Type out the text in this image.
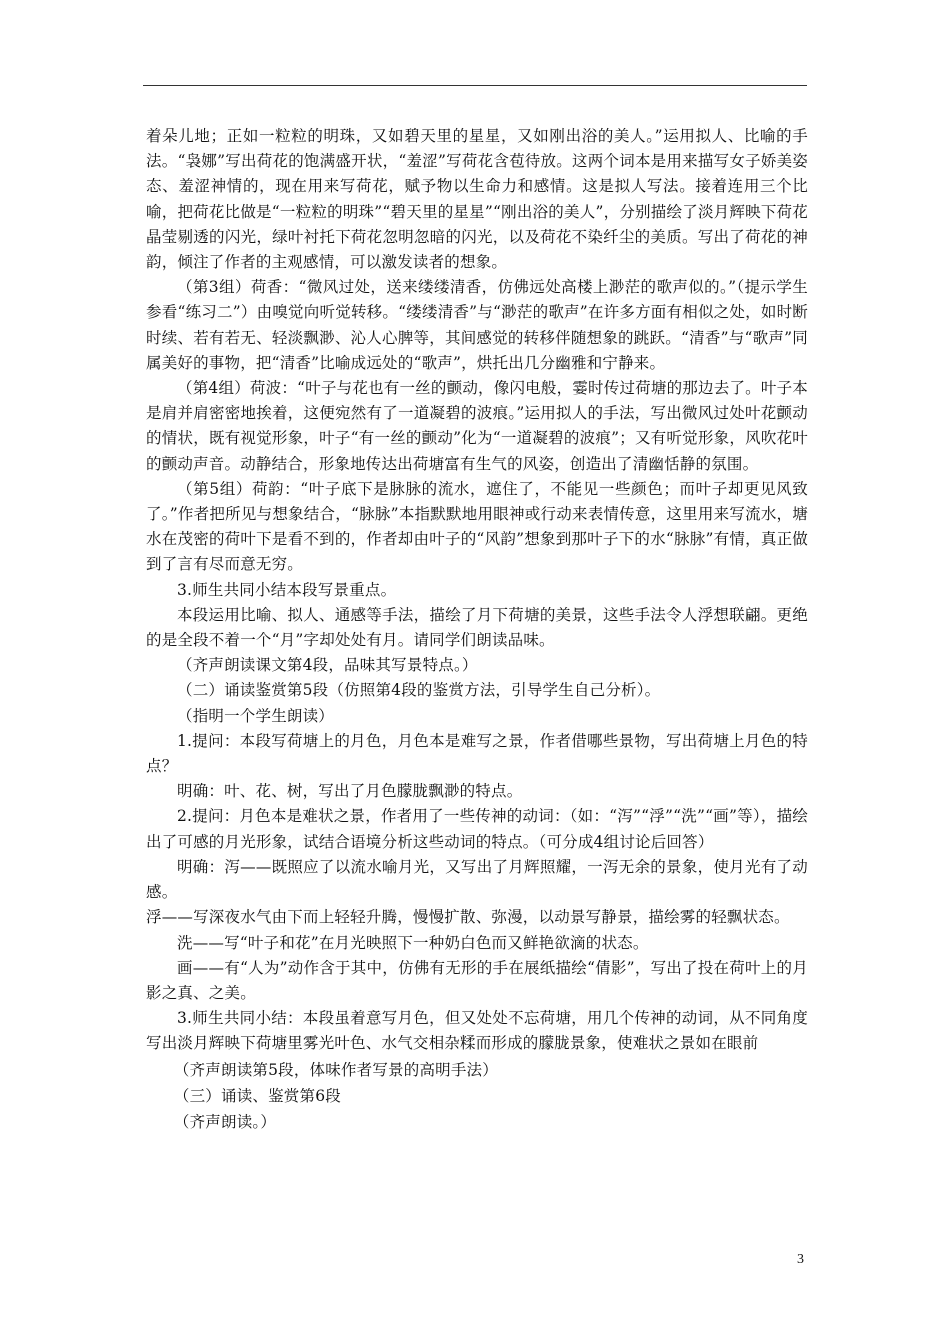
着朵儿地；正如一粒粒的明珠，又如碧天里的星星，又如刚出浴的美人。”运用拟人、比喻的手法。“袅娜”写出荷花的饱满盛开状，“羞涩”写荷花含苞待放。这两个词本是用来描写女子娇美姿态、羞涩神情的，现在用来写荷花，赋予物以生命力和感情。这是拟人写法。接着连用三个比喻，把荷花比做是“一粒粒的明珠”“碧天里的星星”“刚出浴的美人”，分别描绘了淡月辉映下荷花晶莹剔透的闪光，绿叶衬托下荷花忽明忽暗的闪光，以及荷花不染纤尘的美质。写出了荷花的神韵，倾注了作者的主观感情，可以激发读者的想象。

（第3组）荷香：“微风过处，送来缕缕清香，仿佛远处高楼上渺茫的歌声似的。”（提示学生参看“练习二”）由嗅觉向听觉转移。“缕缕清香”与“渺茫的歌声”在许多方面有相似之处，如时断时续、若有若无、轻淡飘渺、沁人心脾等，其间感觉的转移伴随想象的跳跃。“清香”与“歌声”同属美好的事物，把“清香”比喻成远处的“歌声”，烘托出几分幽雅和宁静来。

（第4组）荷波：“叶子与花也有一丝的颤动，像闪电般，霎时传过荷塘的那边去了。叶子本是肩并肩密密地挨着，这便宛然有了一道凝碧的波痕。”运用拟人的手法，写出微风过处叶花颤动的情状，既有视觉形象，叶子“有一丝的颤动”化为“一道凝碧的波痕”；又有听觉形象，风吹花叶的颤动声音。动静结合，形象地传达出荷塘富有生气的风姿，创造出了清幽恬静的氛围。

（第5组）荷韵：“叶子底下是脉脉的流水，遮住了，不能见一些颜色；而叶子却更见风致了。”作者把所见与想象结合，“脉脉”本指默默地用眼神或行动来表情传意，这里用来写流水，塘水在茂密的荷叶下是看不到的，作者却由叶子的“风韵”想象到那叶子下的水“脉脉”有情，真正做到了言有尽而意无穷。

3.师生共同小结本段写景重点。

本段运用比喻、拟人、通感等手法，描绘了月下荷塘的美景，这些手法令人浮想联翩。更绝的是全段不着一个“月”字却处处有月。请同学们朗读品味。

（齐声朗读课文第4段，品味其写景特点。）

（二）诵读鉴赏第5段（仿照第4段的鉴赏方法，引导学生自己分析）。

（指明一个学生朗读）

1.提问：本段写荷塘上的月色，月色本是难写之景，作者借哪些景物，写出荷塘上月色的特点？

明确：叶、花、树，写出了月色朦胧飘渺的特点。

2.提问：月色本是难状之景，作者用了一些传神的动词：（如：“泻”“浮”“洗”“画”等），描绘出了可感的月光形象，试结合语境分析这些动词的特点。（可分成4组讨论后回答）

明确：泻——既照应了以流水喻月光，又写出了月辉照耀，一泻无余的景象，使月光有了动感。

浮——写深夜水气由下而上轻轻升腾，慢慢扩散、弥漫，以动景写静景，描绘雾的轻飘状态。

洗——写“叶子和花”在月光映照下一种奶白色而又鲜艳欲滴的状态。

画——有“人为”动作含于其中，仿佛有无形的手在展纸描绘“倩影”，写出了投在荷叶上的月影之真、之美。

3.师生共同小结：本段虽着意写月色，但又处处不忘荷塘，用几个传神的动词，从不同角度写出淡月辉映下荷塘里雾光叶色、水气交相杂糅而形成的朦胧景象，使难状之景如在眼前

（齐声朗读第5段，体味作者写景的高明手法）

（三）诵读、鉴赏第6段

（齐声朗读。）

3
